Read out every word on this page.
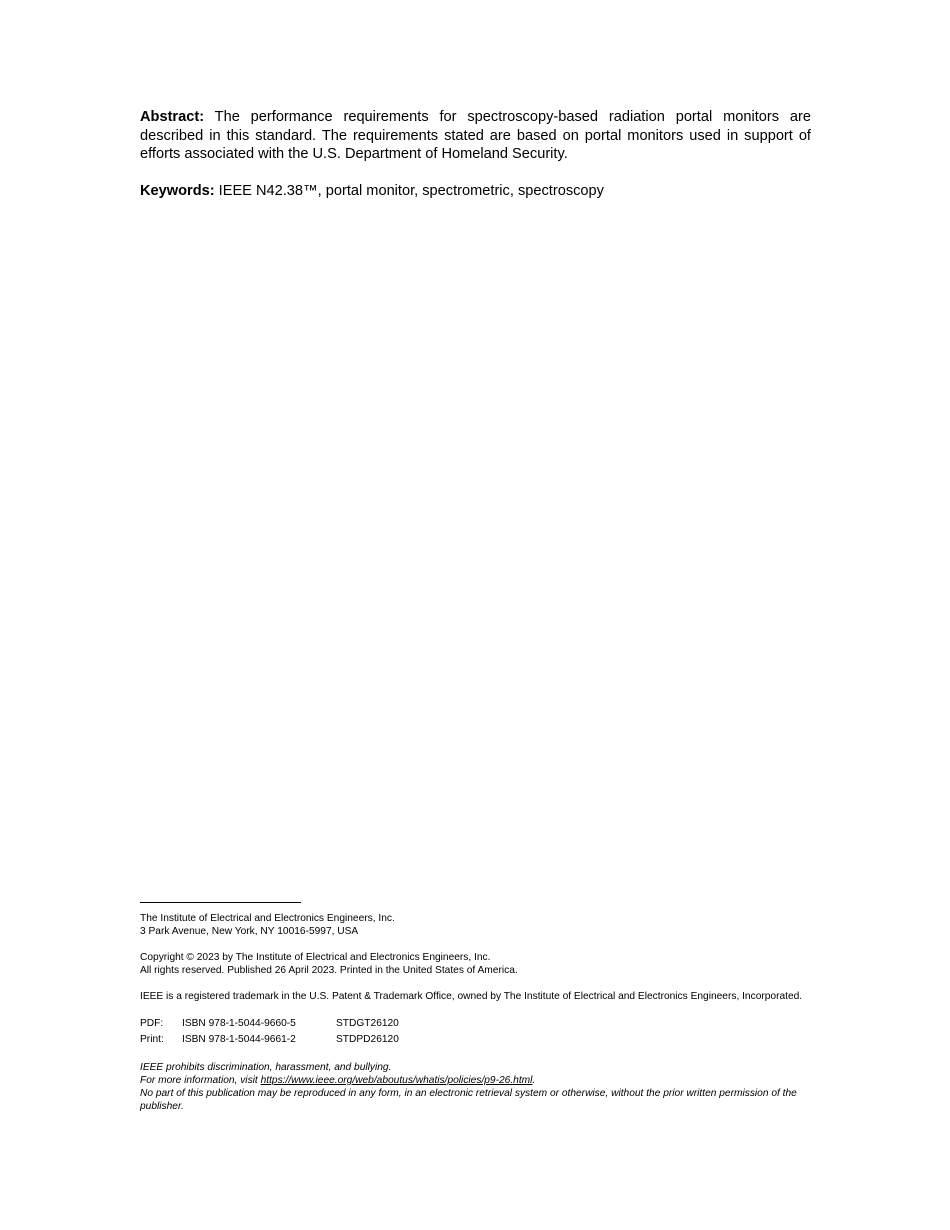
Abstract: The performance requirements for spectroscopy-based radiation portal monitors are described in this standard. The requirements stated are based on portal monitors used in support of efforts associated with the U.S. Department of Homeland Security.

Keywords: IEEE N42.38™, portal monitor, spectrometric, spectroscopy

The Institute of Electrical and Electronics Engineers, Inc.

3 Park Avenue, New York, NY 10016-5997, USA

Copyright © 2023 by The Institute of Electrical and Electronics Engineers, Inc.

All rights reserved. Published 26 April 2023. Printed in the United States of America.

IEEE is a registered trademark in the U.S. Patent & Trademark Office, owned by The Institute of Electrical and Electronics Engineers, Incorporated.

PDF:	ISBN 978-1-5044-9660-5	STDGT26120
Print:	ISBN 978-1-5044-9661-2	STDPD26120

IEEE prohibits discrimination, harassment, and bullying.

For more information, visit https://www.ieee.org/web/aboutus/whatis/policies/p9-26.html.

No part of this publication may be reproduced in any form, in an electronic retrieval system or otherwise, without the prior written permission of the publisher.
